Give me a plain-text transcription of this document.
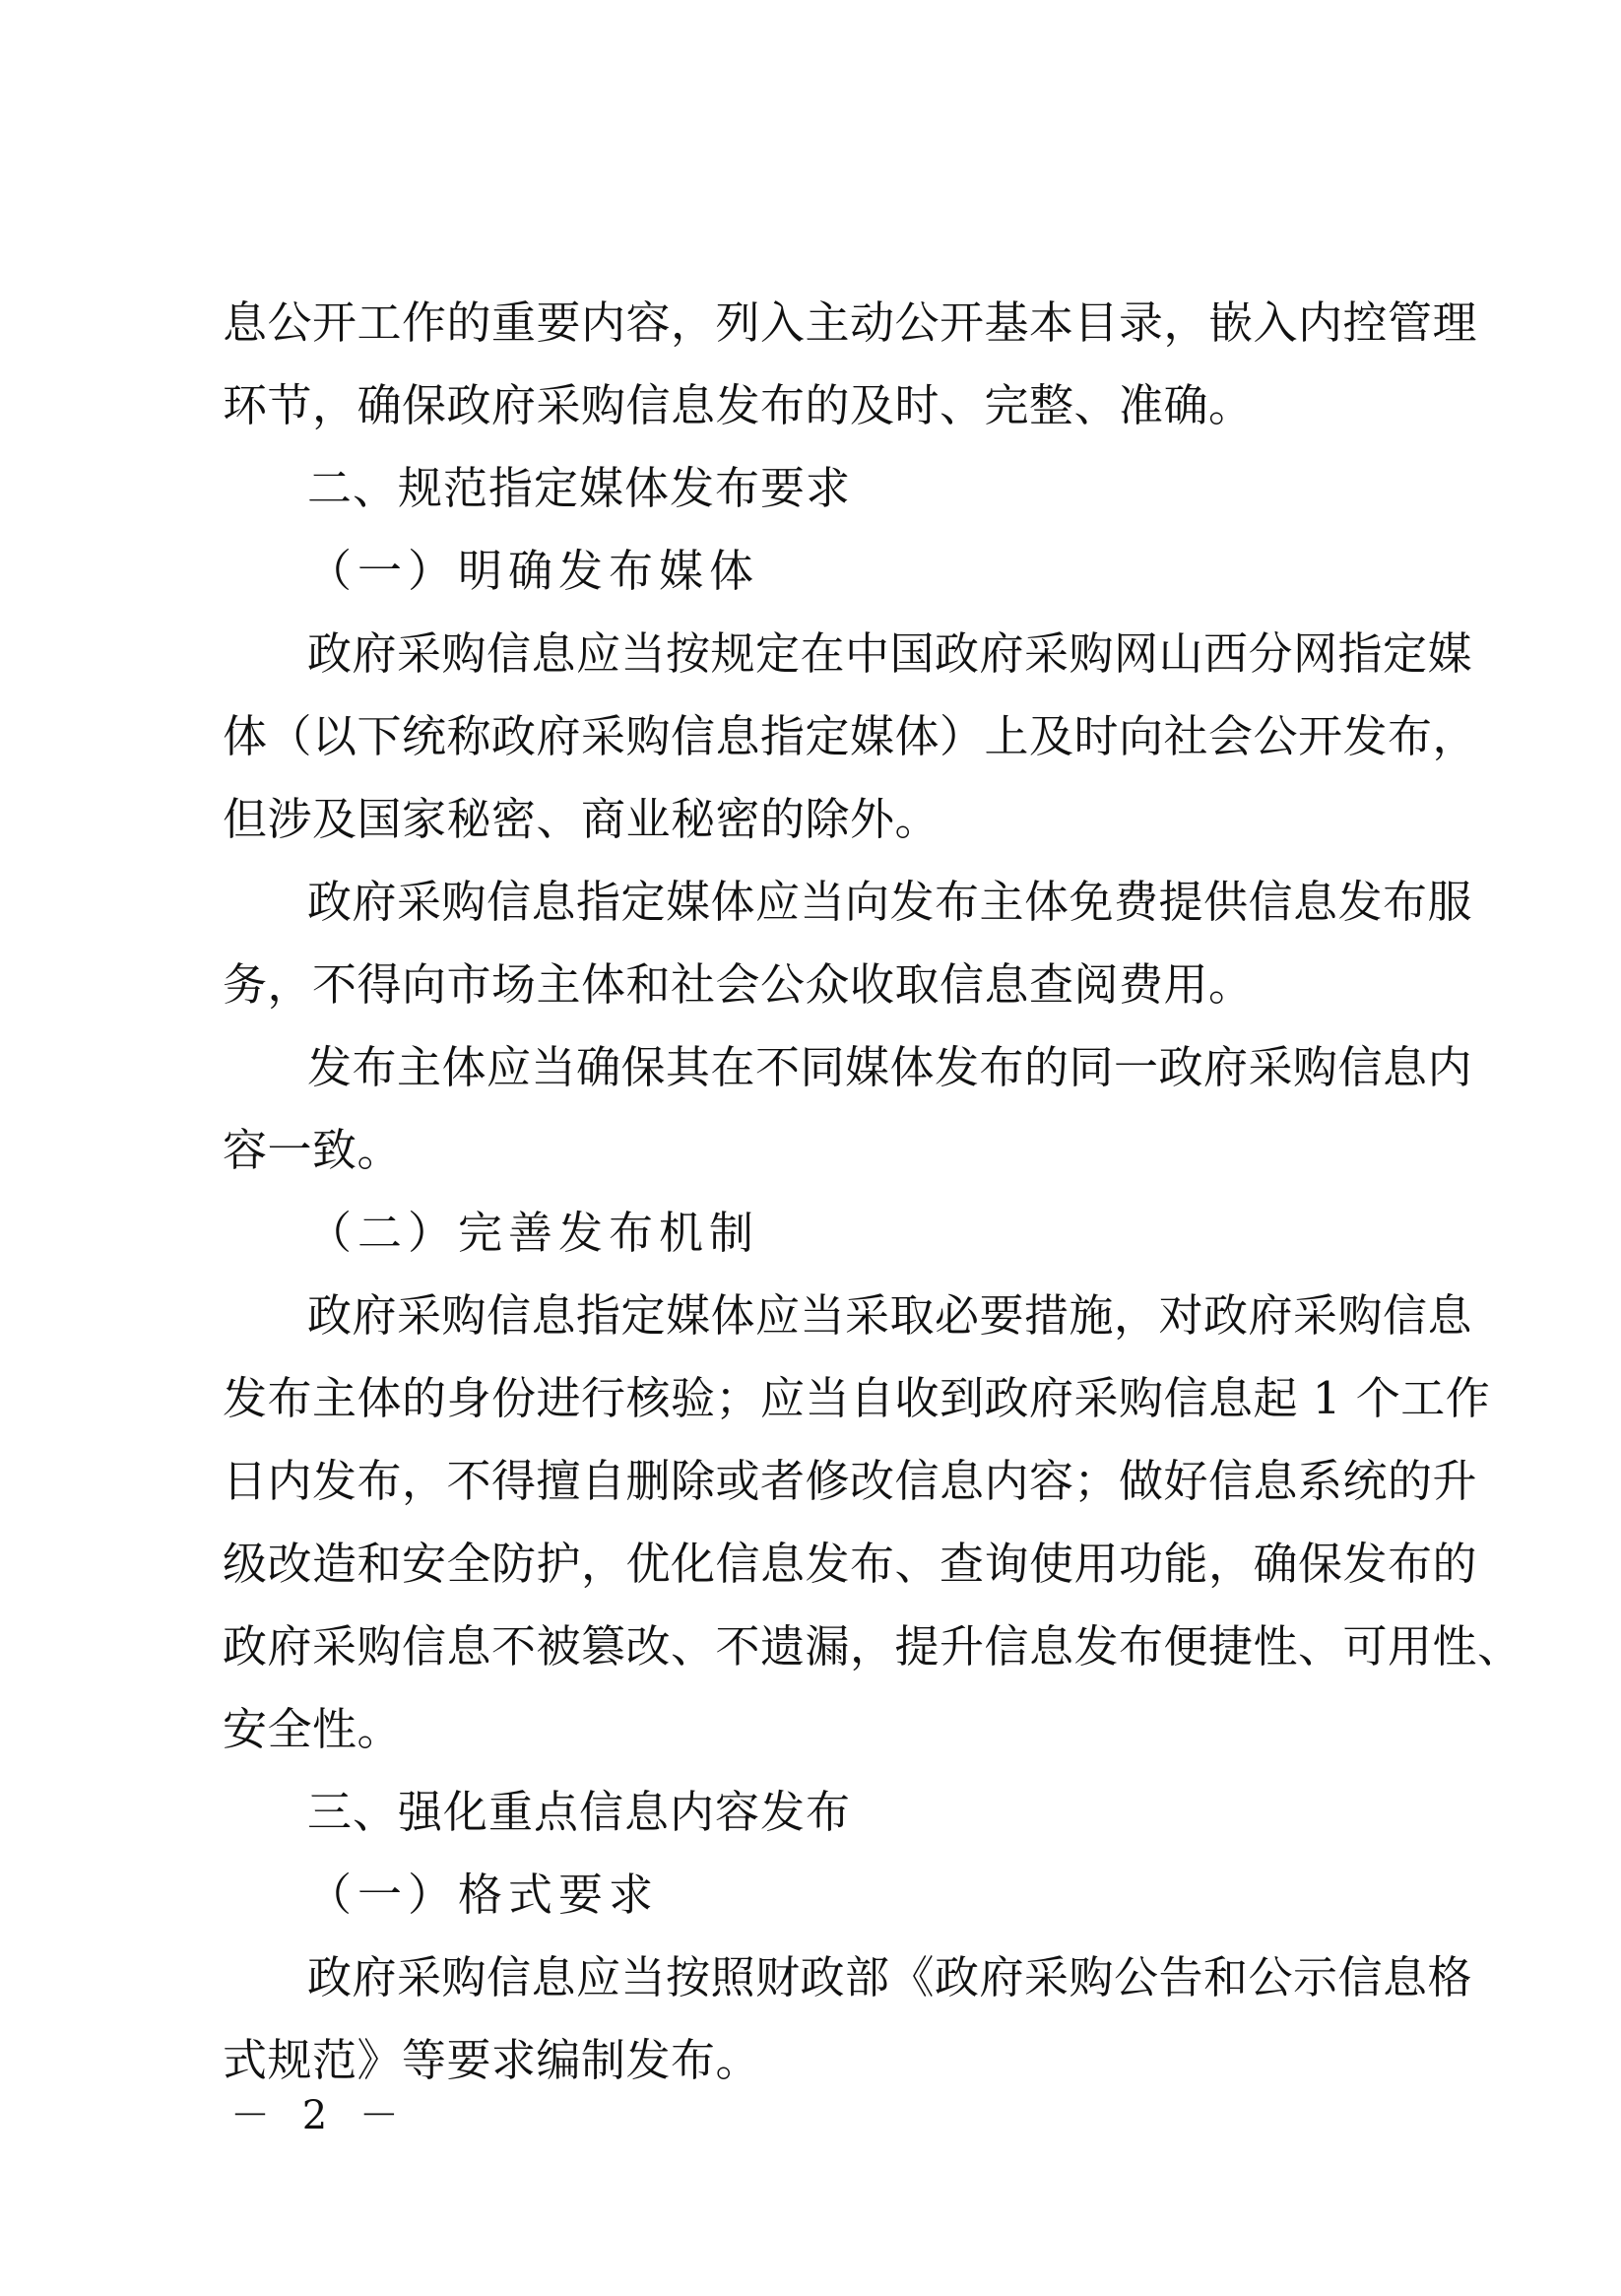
息公开工作的重要内容，列入主动公开基本目录，嵌入内控管理
环节，确保政府采购信息发布的及时、完整、准确。
二、规范指定媒体发布要求
（一）明确发布媒体
政府采购信息应当按规定在中国政府采购网山西分网指定媒
体（以下统称政府采购信息指定媒体）上及时向社会公开发布，
但涉及国家秘密、商业秘密的除外。
政府采购信息指定媒体应当向发布主体免费提供信息发布服
务，不得向市场主体和社会公众收取信息查阅费用。
发布主体应当确保其在不同媒体发布的同一政府采购信息内
容一致。
（二）完善发布机制
政府采购信息指定媒体应当采取必要措施，对政府采购信息
发布主体的身份进行核验；应当自收到政府采购信息起 1 个工作
日内发布，不得擅自删除或者修改信息内容；做好信息系统的升
级改造和安全防护，优化信息发布、查询使用功能，确保发布的
政府采购信息不被篡改、不遗漏，提升信息发布便捷性、可用性、
安全性。
三、强化重点信息内容发布
（一）格式要求
政府采购信息应当按照财政部《政府采购公告和公示信息格
式规范》等要求编制发布。
－ 2 －
